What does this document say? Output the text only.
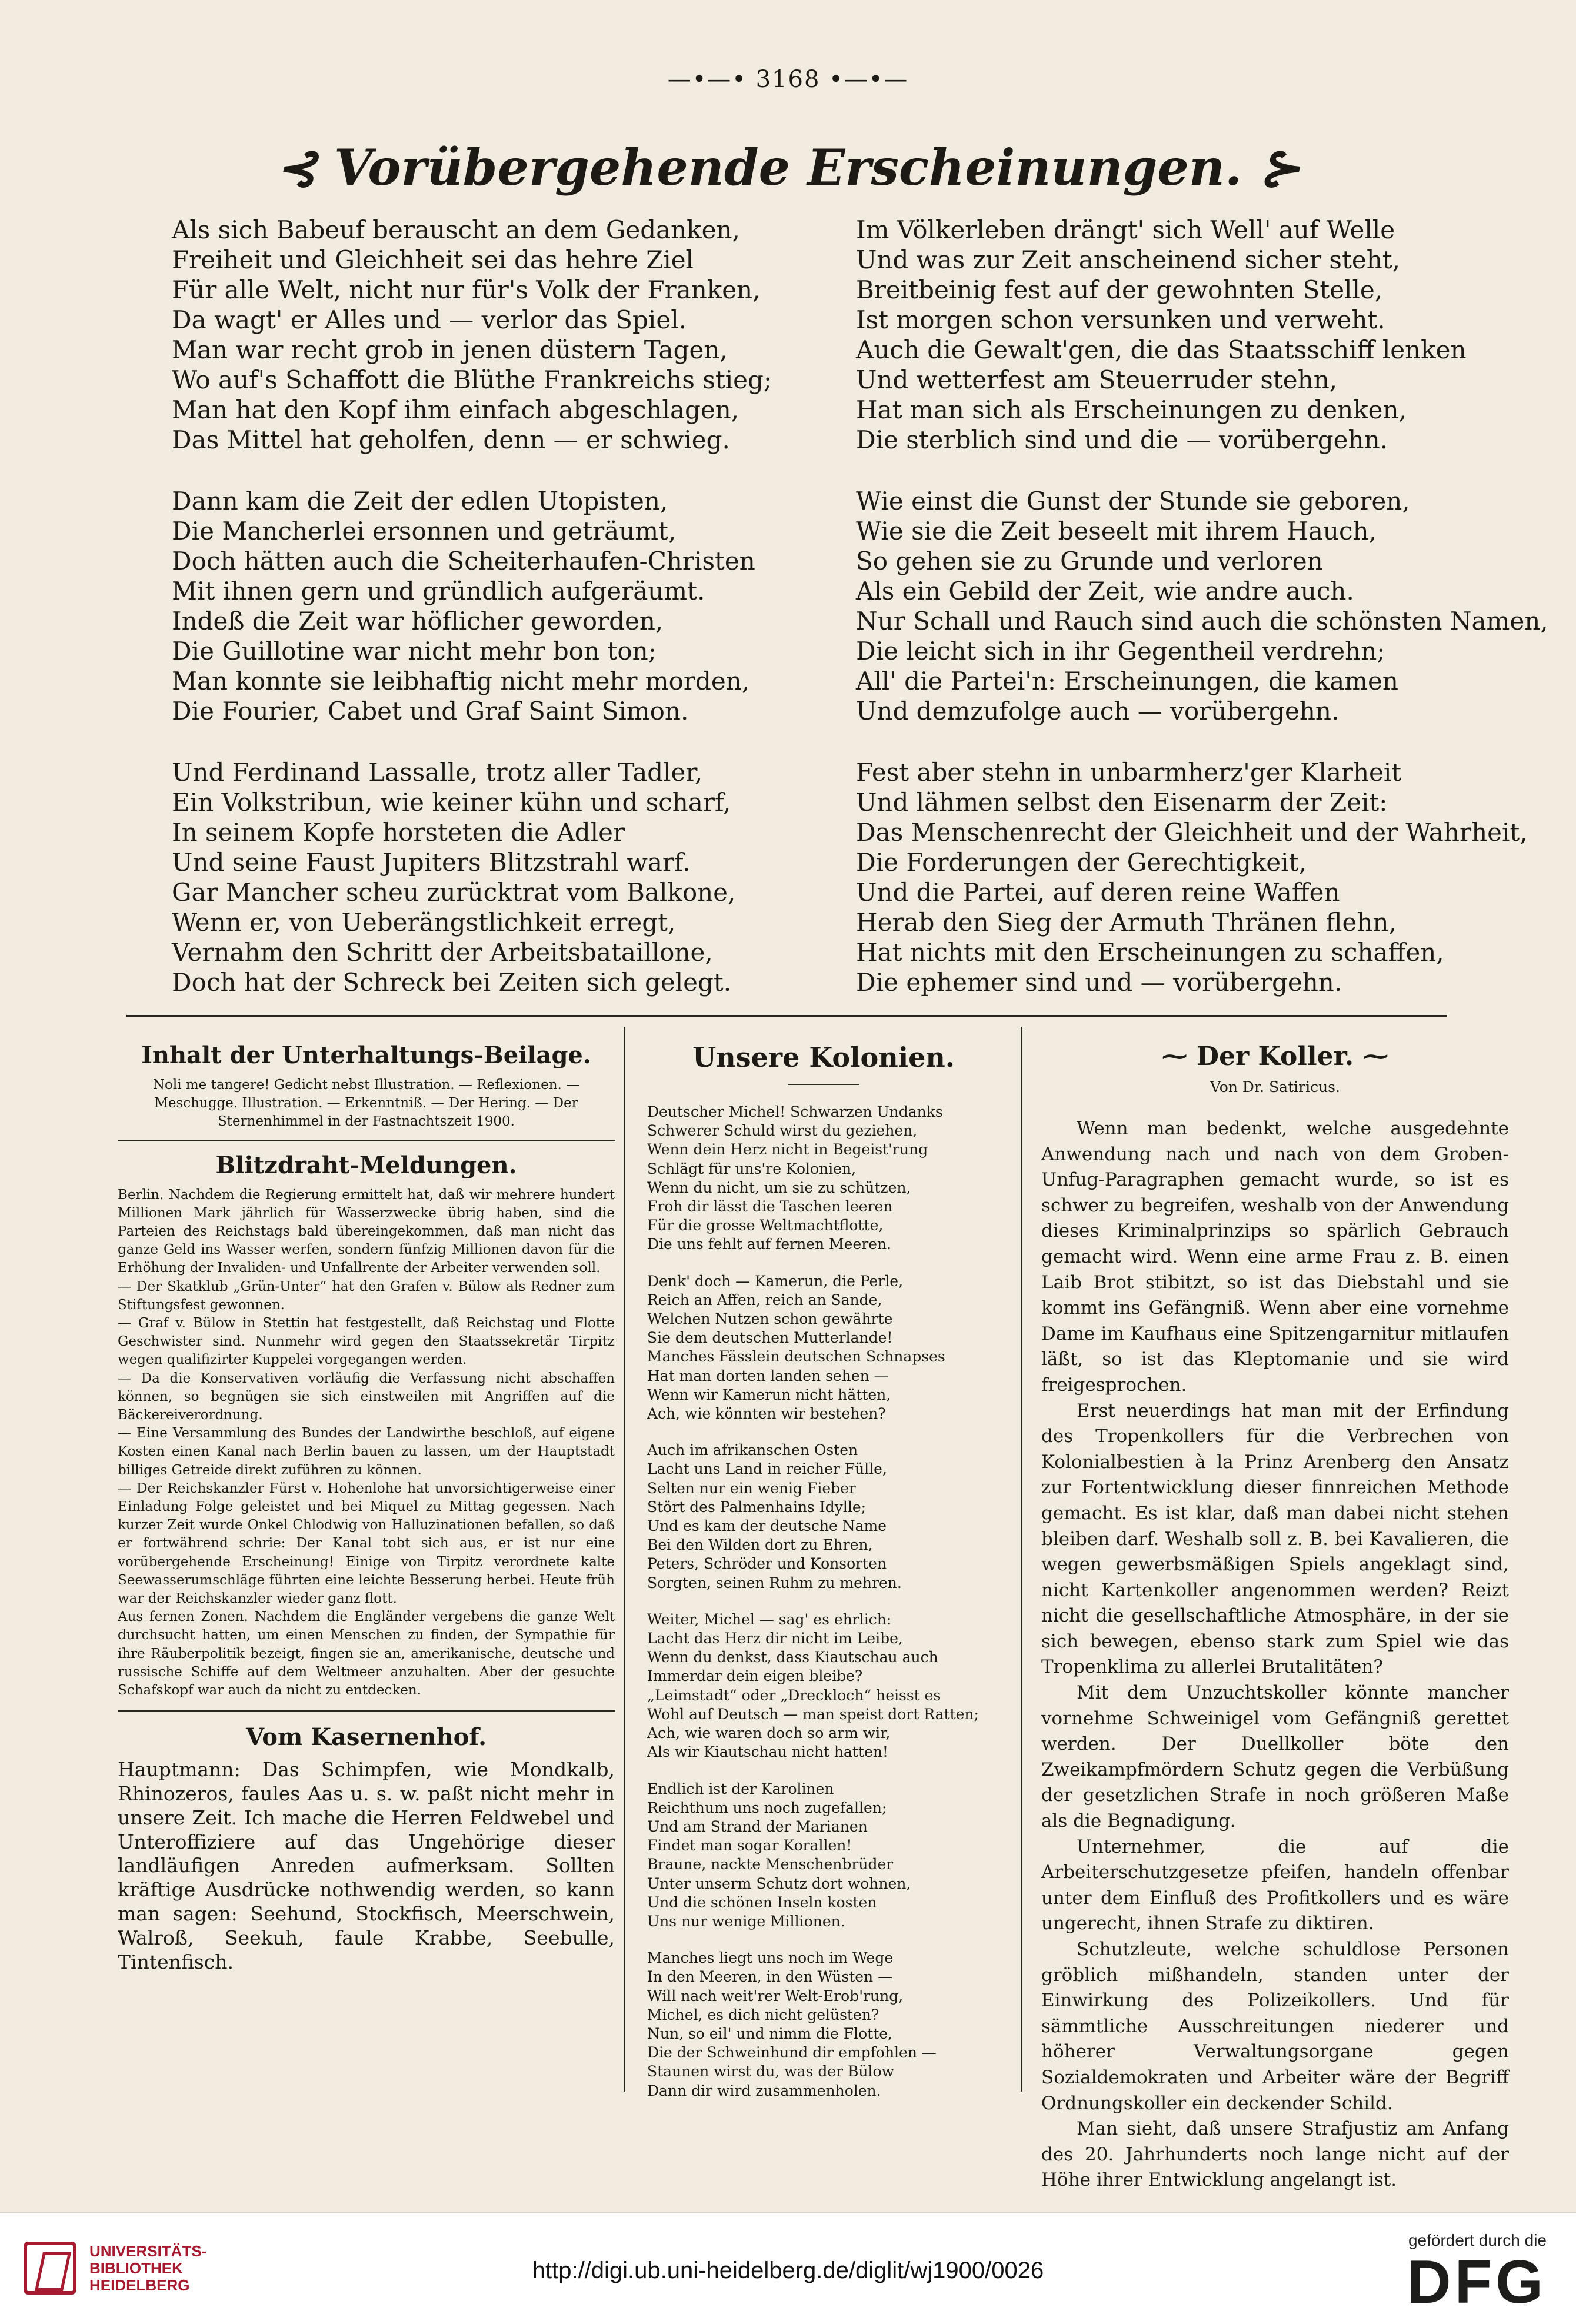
—•—• 3168 •—•—
⊰ Vorübergehende Erscheinungen. ⊱
Als sich Babeuf berauscht an dem Gedanken,
Freiheit und Gleichheit sei das hehre Ziel
Für alle Welt, nicht nur für's Volk der Franken,
Da wagt' er Alles und — verlor das Spiel.
Man war recht grob in jenen düstern Tagen,
Wo auf's Schaffott die Blüthe Frankreichs stieg;
Man hat den Kopf ihm einfach abgeschlagen,
Das Mittel hat geholfen, denn — er schwieg.
Dann kam die Zeit der edlen Utopisten,
Die Mancherlei ersonnen und geträumt,
Doch hätten auch die Scheiterhaufen-Christen
Mit ihnen gern und gründlich aufgeräumt.
Indeß die Zeit war höflicher geworden,
Die Guillotine war nicht mehr bon ton;
Man konnte sie leibhaftig nicht mehr morden,
Die Fourier, Cabet und Graf Saint Simon.
Und Ferdinand Lassalle, trotz aller Tadler,
Ein Volkstribun, wie keiner kühn und scharf,
In seinem Kopfe horsteten die Adler
Und seine Faust Jupiters Blitzstrahl warf.
Gar Mancher scheu zurücktrat vom Balkone,
Wenn er, von Ueberängstlichkeit erregt,
Vernahm den Schritt der Arbeitsbataillone,
Doch hat der Schreck bei Zeiten sich gelegt.
Im Völkerleben drängt' sich Well' auf Welle
Und was zur Zeit anscheinend sicher steht,
Breitbeinig fest auf der gewohnten Stelle,
Ist morgen schon versunken und verweht.
Auch die Gewalt'gen, die das Staatsschiff lenken
Und wetterfest am Steuerruder stehn,
Hat man sich als Erscheinungen zu denken,
Die sterblich sind und die — vorübergehn.
Wie einst die Gunst der Stunde sie geboren,
Wie sie die Zeit beseelt mit ihrem Hauch,
So gehen sie zu Grunde und verloren
Als ein Gebild der Zeit, wie andre auch.
Nur Schall und Rauch sind auch die schönsten Namen,
Die leicht sich in ihr Gegentheil verdrehn;
All' die Partei'n: Erscheinungen, die kamen
Und demzufolge auch — vorübergehn.
Fest aber stehn in unbarmherz'ger Klarheit
Und lähmen selbst den Eisenarm der Zeit:
Das Menschenrecht der Gleichheit und der Wahrheit,
Die Forderungen der Gerechtigkeit,
Und die Partei, auf deren reine Waffen
Herab den Sieg der Armuth Thränen flehn,
Hat nichts mit den Erscheinungen zu schaffen,
Die ephemer sind und — vorübergehn.
Inhalt der Unterhaltungs-Beilage.
Noli me tangere! Gedicht nebst Illustration. — Reflexionen. — Meschugge. Illustration. — Erkenntniß. — Der Hering. — Der Sternenhimmel in der Fastnachtszeit 1900.
Blitzdraht-Meldungen.

Berlin. Nachdem die Regierung ermittelt hat, daß wir mehrere hundert Millionen Mark jährlich für Wasserzwecke übrig haben, sind die Parteien des Reichstags bald übereingekommen, daß man nicht das ganze Geld ins Wasser werfen, sondern fünfzig Millionen davon für die Erhöhung der Invaliden- und Unfallrente der Arbeiter verwenden soll.

— Der Skatklub „Grün-Unter“ hat den Grafen v. Bülow als Redner zum Stiftungsfest gewonnen.

— Graf v. Bülow in Stettin hat festgestellt, daß Reichstag und Flotte Geschwister sind. Nunmehr wird gegen den Staatssekretär Tirpitz wegen qualifizirter Kuppelei vorgegangen werden.

— Da die Konservativen vorläufig die Verfassung nicht abschaffen können, so begnügen sie sich einstweilen mit Angriffen auf die Bäckereiverordnung.

— Eine Versammlung des Bundes der Landwirthe beschloß, auf eigene Kosten einen Kanal nach Berlin bauen zu lassen, um der Hauptstadt billiges Getreide direkt zuführen zu können.

— Der Reichskanzler Fürst v. Hohenlohe hat unvorsichtigerweise einer Einladung Folge geleistet und bei Miquel zu Mittag gegessen. Nach kurzer Zeit wurde Onkel Chlodwig von Halluzinationen befallen, so daß er fortwährend schrie: Der Kanal tobt sich aus, er ist nur eine vorübergehende Erscheinung! Einige von Tirpitz verordnete kalte Seewasserumschläge führten eine leichte Besserung herbei. Heute früh war der Reichskanzler wieder ganz flott.

Aus fernen Zonen. Nachdem die Engländer vergebens die ganze Welt durchsucht hatten, um einen Menschen zu finden, der Sympathie für ihre Räuberpolitik bezeigt, fingen sie an, amerikanische, deutsche und russische Schiffe auf dem Weltmeer anzuhalten. Aber der gesuchte Schafskopf war auch da nicht zu entdecken.

Vom Kasernenhof.
Hauptmann: Das Schimpfen, wie Mondkalb, Rhinozeros, faules Aas u. s. w. paßt nicht mehr in unsere Zeit. Ich mache die Herren Feldwebel und Unteroffiziere auf das Ungehörige dieser landläufigen Anreden aufmerksam. Sollten kräftige Ausdrücke nothwendig werden, so kann man sagen: Seehund, Stockfisch, Meerschwein, Walroß, Seekuh, faule Krabbe, Seebulle, Tintenfisch.
Unsere Kolonien.

Deutscher Michel! Schwarzen Undanks
Schwerer Schuld wirst du geziehen,
Wenn dein Herz nicht in Begeist'rung
Schlägt für uns're Kolonien,
Wenn du nicht, um sie zu schützen,
Froh dir lässt die Taschen leeren
Für die grosse Weltmachtflotte,
Die uns fehlt auf fernen Meeren.

Denk' doch — Kamerun, die Perle,
Reich an Affen, reich an Sande,
Welchen Nutzen schon gewährte
Sie dem deutschen Mutterlande!
Manches Fässlein deutschen Schnapses
Hat man dorten landen sehen —
Wenn wir Kamerun nicht hätten,
Ach, wie könnten wir bestehen?

Auch im afrikanschen Osten
Lacht uns Land in reicher Fülle,
Selten nur ein wenig Fieber
Stört des Palmenhains Idylle;
Und es kam der deutsche Name
Bei den Wilden dort zu Ehren,
Peters, Schröder und Konsorten
Sorgten, seinen Ruhm zu mehren.

Weiter, Michel — sag' es ehrlich:
Lacht das Herz dir nicht im Leibe,
Wenn du denkst, dass Kiautschau auch
Immerdar dein eigen bleibe?
„Leimstadt“ oder „Dreckloch“ heisst es
Wohl auf Deutsch — man speist dort Ratten;
Ach, wie waren doch so arm wir,
Als wir Kiautschau nicht hatten!

Endlich ist der Karolinen
Reichthum uns noch zugefallen;
Und am Strand der Marianen
Findet man sogar Korallen!
Braune, nackte Menschenbrüder
Unter unserm Schutz dort wohnen,
Und die schönen Inseln kosten
Uns nur wenige Millionen.

Manches liegt uns noch im Wege
In den Meeren, in den Wüsten —
Will nach weit'rer Welt-Erob'rung,
Michel, es dich nicht gelüsten?
Nun, so eil' und nimm die Flotte,
Die der Schweinhund dir empfohlen —
Staunen wirst du, was der Bülow
Dann dir wird zusammenholen.

⁓ Der Koller. ⁓
Von Dr. Satiricus.

Wenn man bedenkt, welche ausgedehnte Anwendung nach und nach von dem Groben-Unfug-Paragraphen gemacht wurde, so ist es schwer zu begreifen, weshalb von der Anwendung dieses Kriminalprinzips so spärlich Gebrauch gemacht wird. Wenn eine arme Frau z. B. einen Laib Brot stibitzt, so ist das Diebstahl und sie kommt ins Gefängniß. Wenn aber eine vornehme Dame im Kaufhaus eine Spitzengarnitur mitlaufen läßt, so ist das Kleptomanie und sie wird freigesprochen.

Erst neuerdings hat man mit der Erfindung des Tropenkollers für die Verbrechen von Kolonialbestien à la Prinz Arenberg den Ansatz zur Fortentwicklung dieser finnreichen Methode gemacht. Es ist klar, daß man dabei nicht stehen bleiben darf. Weshalb soll z. B. bei Kavalieren, die wegen gewerbsmäßigen Spiels angeklagt sind, nicht Kartenkoller angenommen werden? Reizt nicht die gesellschaftliche Atmosphäre, in der sie sich bewegen, ebenso stark zum Spiel wie das Tropenklima zu allerlei Brutalitäten?

Mit dem Unzuchtskoller könnte mancher vornehme Schweinigel vom Gefängniß gerettet werden. Der Duellkoller böte den Zweikampfmördern Schutz gegen die Verbüßung der gesetzlichen Strafe in noch größeren Maße als die Begnadigung.

Unternehmer, die auf die Arbeiterschutzgesetze pfeifen, handeln offenbar unter dem Einfluß des Profitkollers und es wäre ungerecht, ihnen Strafe zu diktiren.

Schutzleute, welche schuldlose Personen gröblich mißhandeln, standen unter der Einwirkung des Polizeikollers. Und für sämmtliche Ausschreitungen niederer und höherer Verwaltungsorgane gegen Sozialdemokraten und Arbeiter wäre der Begriff Ordnungskoller ein deckender Schild.

Man sieht, daß unsere Strafjustiz am Anfang des 20. Jahrhunderts noch lange nicht auf der Höhe ihrer Entwicklung angelangt ist.

UNIVERSITÄTS-
BIBLIOTHEK
HEIDELBERG
http://digi.ub.uni-heidelberg.de/diglit/wj1900/0026
gefördert durch die
DFG
